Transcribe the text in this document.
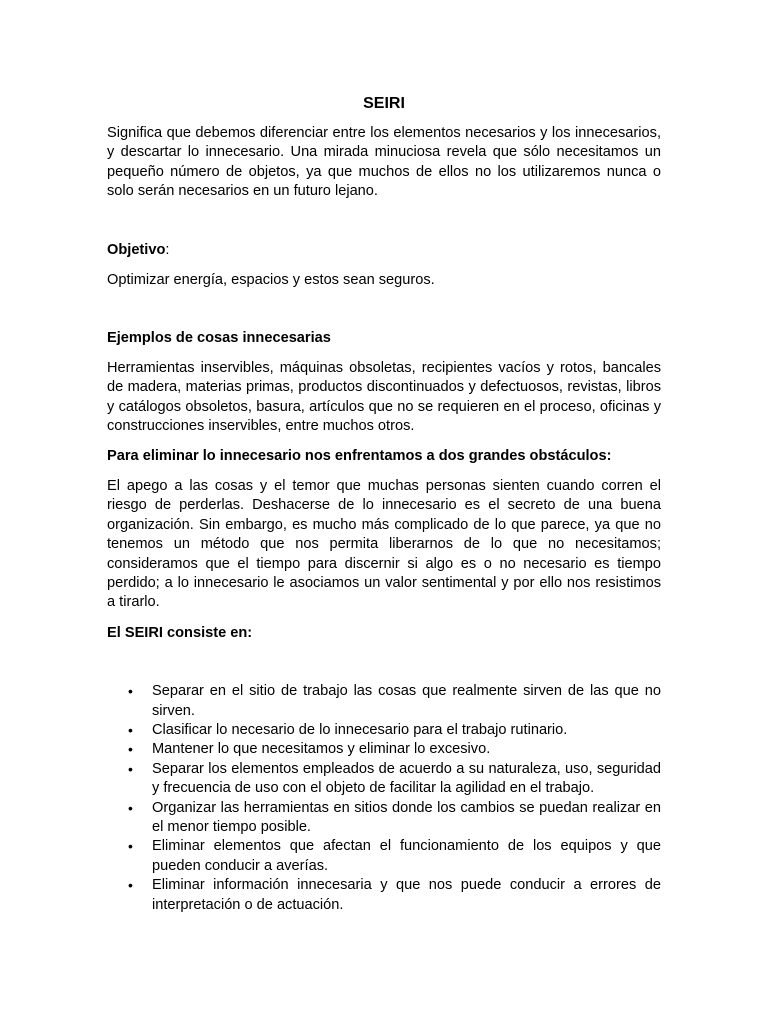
SEIRI

Significa que debemos diferenciar entre los elementos necesarios y los innecesarios, y descartar lo innecesario. Una mirada minuciosa revela que sólo necesitamos un pequeño número de objetos, ya que muchos de ellos no los utilizaremos nunca o solo serán necesarios en un futuro lejano.

Objetivo:

Optimizar energía, espacios y estos sean seguros.

Ejemplos de cosas innecesarias

Herramientas inservibles, máquinas obsoletas, recipientes vacíos y rotos, bancales de madera, materias primas, productos discontinuados y defectuosos, revistas, libros y catálogos obsoletos, basura, artículos que no se requieren en el proceso, oficinas y construcciones inservibles, entre muchos otros.

Para eliminar lo innecesario nos enfrentamos a dos grandes obstáculos:

El apego a las cosas y el temor que muchas personas sienten cuando corren el riesgo de perderlas. Deshacerse de lo innecesario es el secreto de una buena organización. Sin embargo, es mucho más complicado de lo que parece, ya que no tenemos un método que nos permita liberarnos de lo que no necesitamos; consideramos que el tiempo para discernir si algo es o no necesario es tiempo perdido; a lo innecesario le asociamos un valor sentimental y por ello nos resistimos a tirarlo.

El SEIRI consiste en:

• Separar en el sitio de trabajo las cosas que realmente sirven de las que no sirven.
• Clasificar lo necesario de lo innecesario para el trabajo rutinario.
• Mantener lo que necesitamos y eliminar lo excesivo.
• Separar los elementos empleados de acuerdo a su naturaleza, uso, seguridad y frecuencia de uso con el objeto de facilitar la agilidad en el trabajo.
• Organizar las herramientas en sitios donde los cambios se puedan realizar en el menor tiempo posible.
• Eliminar elementos que afectan el funcionamiento de los equipos y que pueden conducir a averías.
• Eliminar información innecesaria y que nos puede conducir a errores de interpretación o de actuación.
